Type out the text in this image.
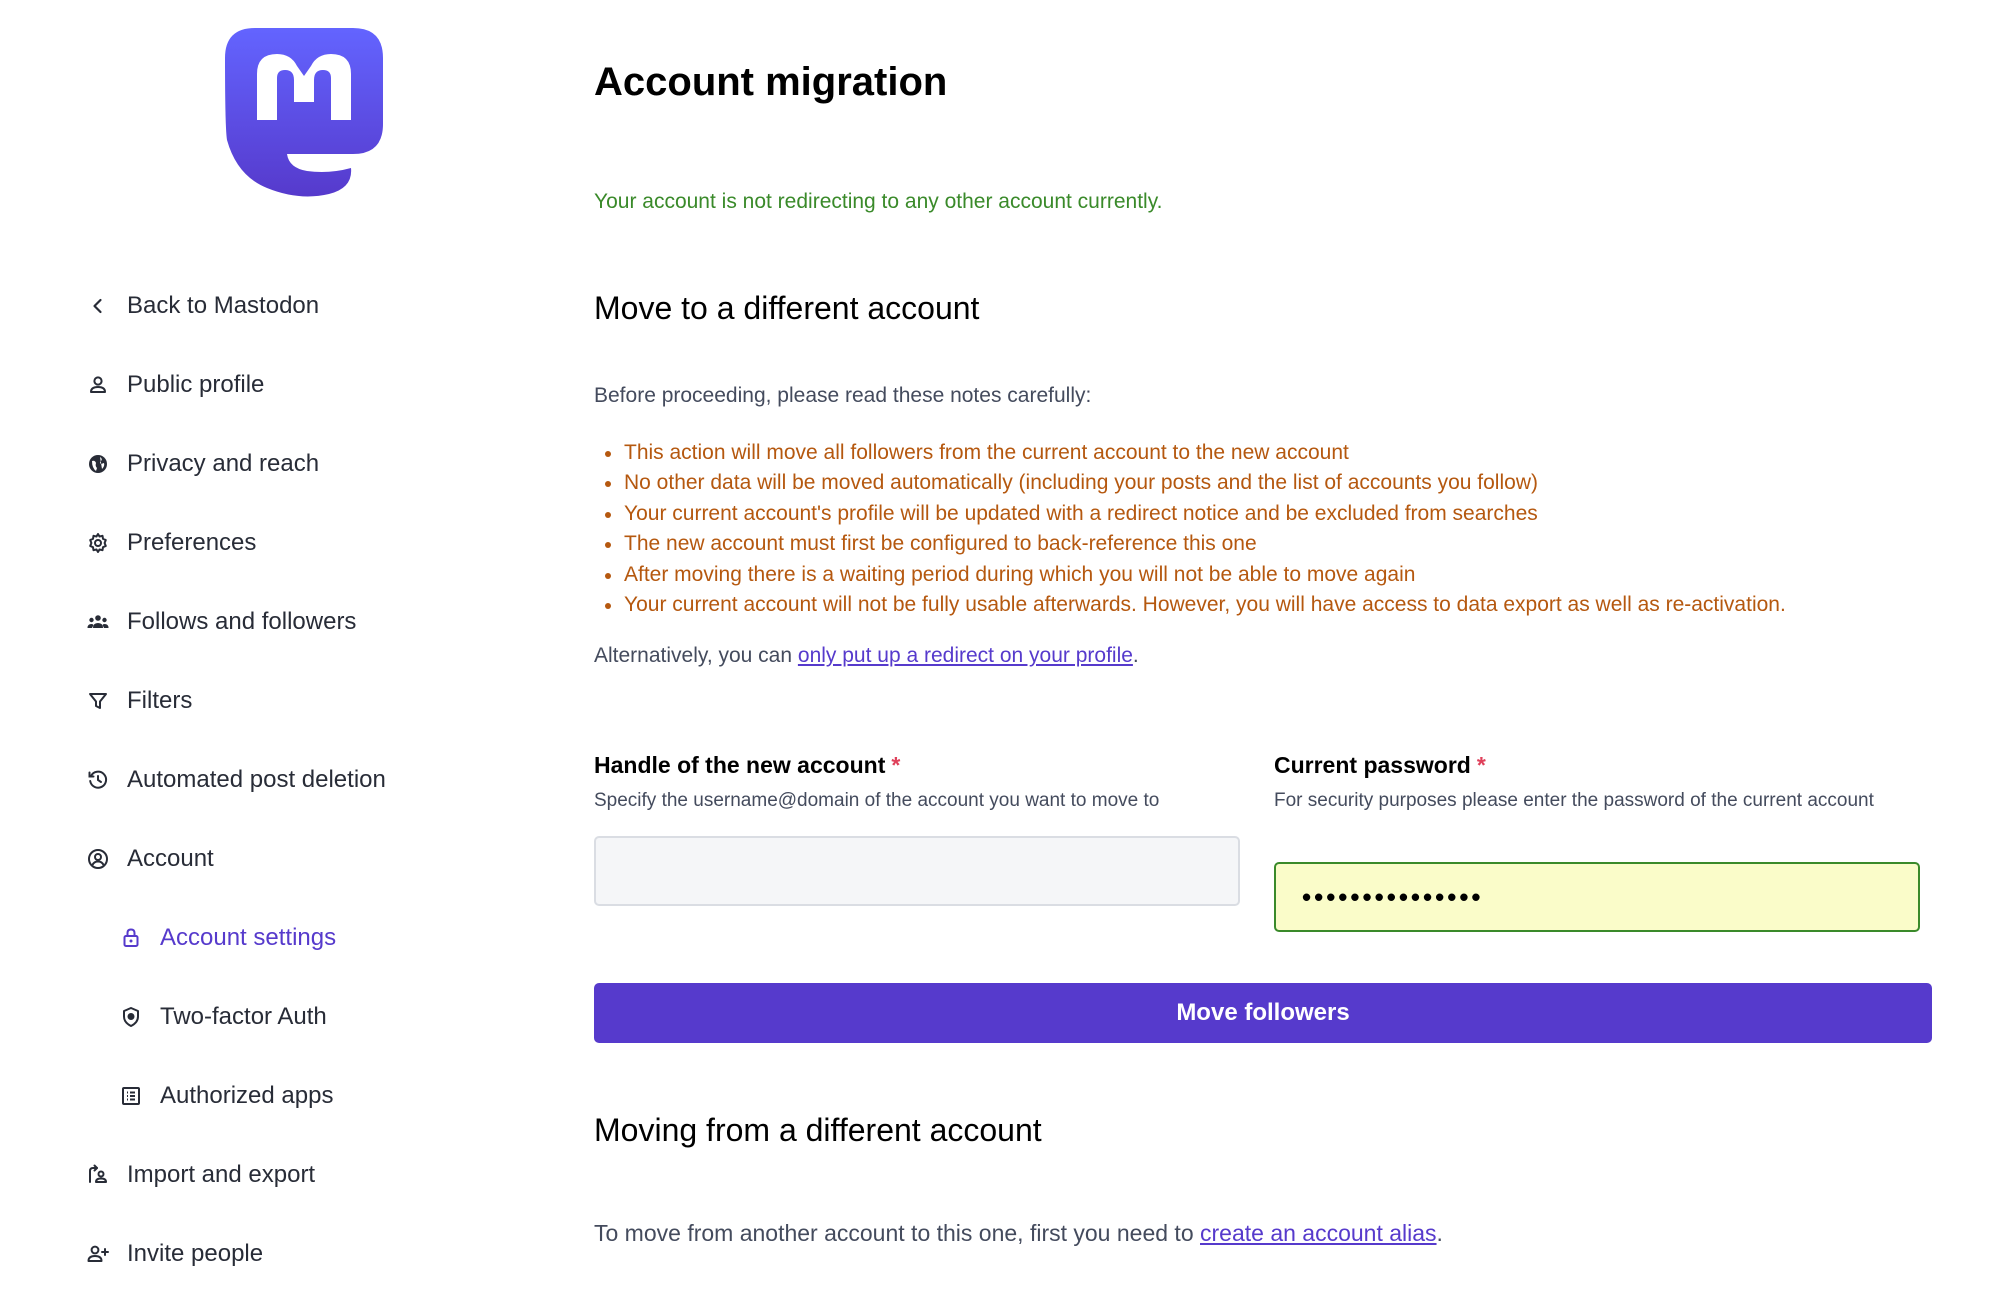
Back to Mastodon
Public profile
Privacy and reach
Preferences
Follows and followers
Filters
Automated post deletion
Account
Account settings
Two-factor Auth
Authorized apps
Import and export
Invite people
Account migration
Your account is not redirecting to any other account currently.
Move to a different account
Before proceeding, please read these notes carefully:
This action will move all followers from the current account to the new account
No other data will be moved automatically (including your posts and the list of accounts you follow)
Your current account's profile will be updated with a redirect notice and be excluded from searches
The new account must first be configured to back-reference this one
After moving there is a waiting period during which you will not be able to move again
Your current account will not be fully usable afterwards. However, you will have access to data export as well as re-activation.
Alternatively, you can only put up a redirect on your profile.
Handle of the new account *
Specify the username@domain of the account you want to move to
Current password *
For security purposes please enter the password of the current account
•••••••••••••••
Move followers
Moving from a different account
To move from another account to this one, first you need to create an account alias.
